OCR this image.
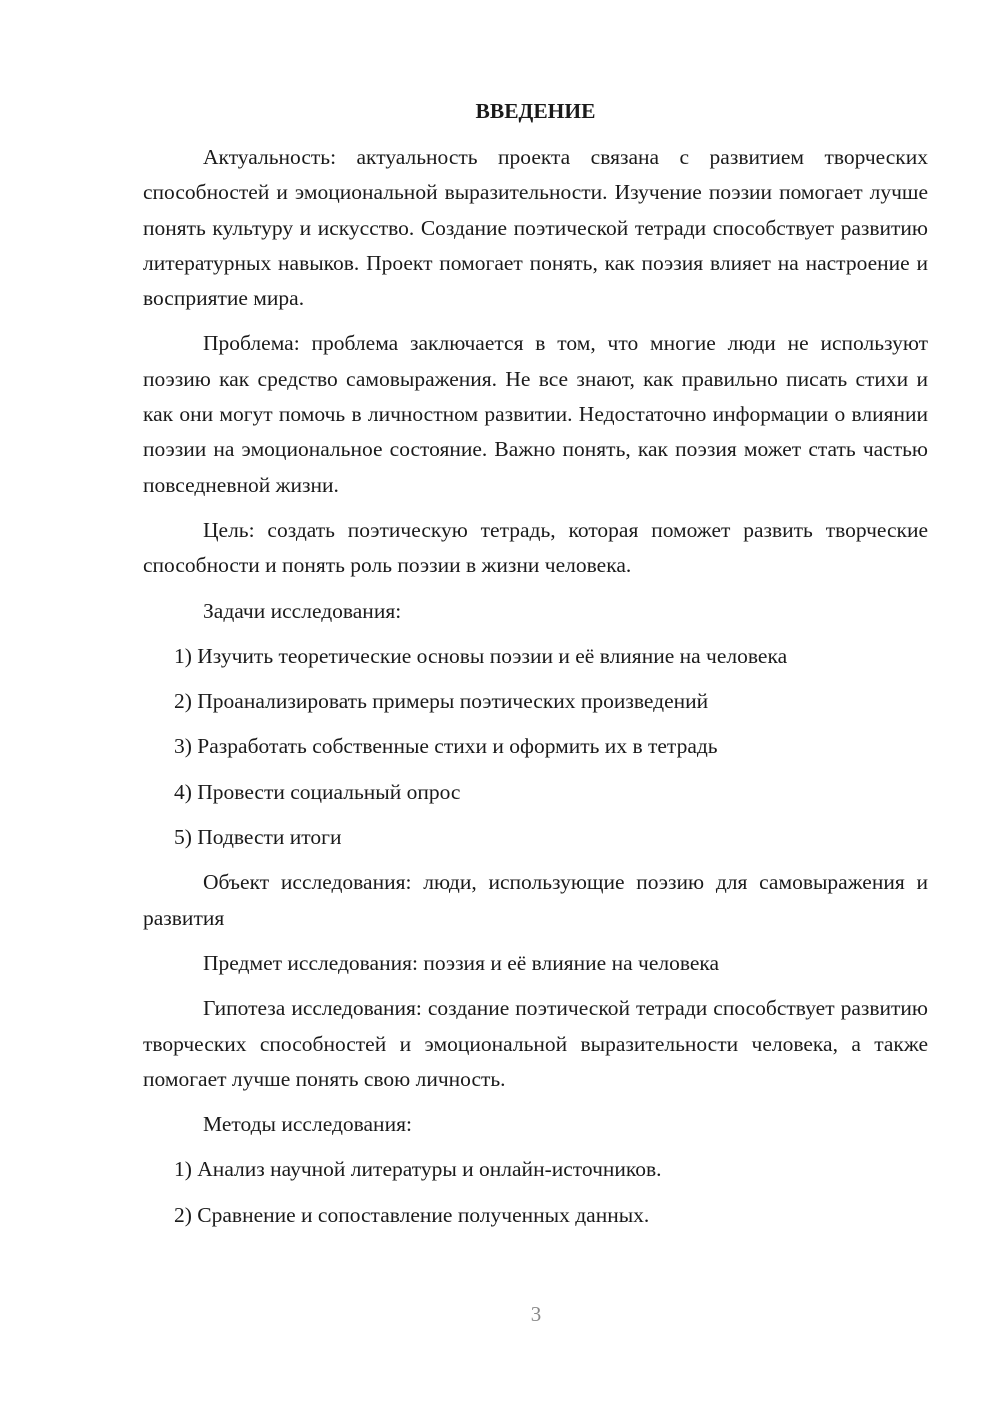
ВВЕДЕНИЕ

Актуальность: актуальность проекта связана с развитием творческих способностей и эмоциональной выразительности. Изучение поэзии помогает лучше понять культуру и искусство. Создание поэтической тетради способствует развитию литературных навыков. Проект помогает понять, как поэзия влияет на настроение и восприятие мира.

Проблема: проблема заключается в том, что многие люди не используют поэзию как средство самовыражения. Не все знают, как правильно писать стихи и как они могут помочь в личностном развитии. Недостаточно информации о влиянии поэзии на эмоциональное состояние. Важно понять, как поэзия может стать частью повседневной жизни.

Цель: создать поэтическую тетрадь, которая поможет развить творческие способности и понять роль поэзии в жизни человека.

Задачи исследования:

1) Изучить теоретические основы поэзии и её влияние на человека

2) Проанализировать примеры поэтических произведений

3) Разработать собственные стихи и оформить их в тетрадь

4) Провести социальный опрос

5) Подвести итоги

Объект исследования: люди, использующие поэзию для самовыражения и развития

Предмет исследования: поэзия и её влияние на человека

Гипотеза исследования: создание поэтической тетради способствует развитию творческих способностей и эмоциональной выразительности человека, а также помогает лучше понять свою личность.

Методы исследования:

1) Анализ научной литературы и онлайн-источников.

2) Сравнение и сопоставление полученных данных.

3
